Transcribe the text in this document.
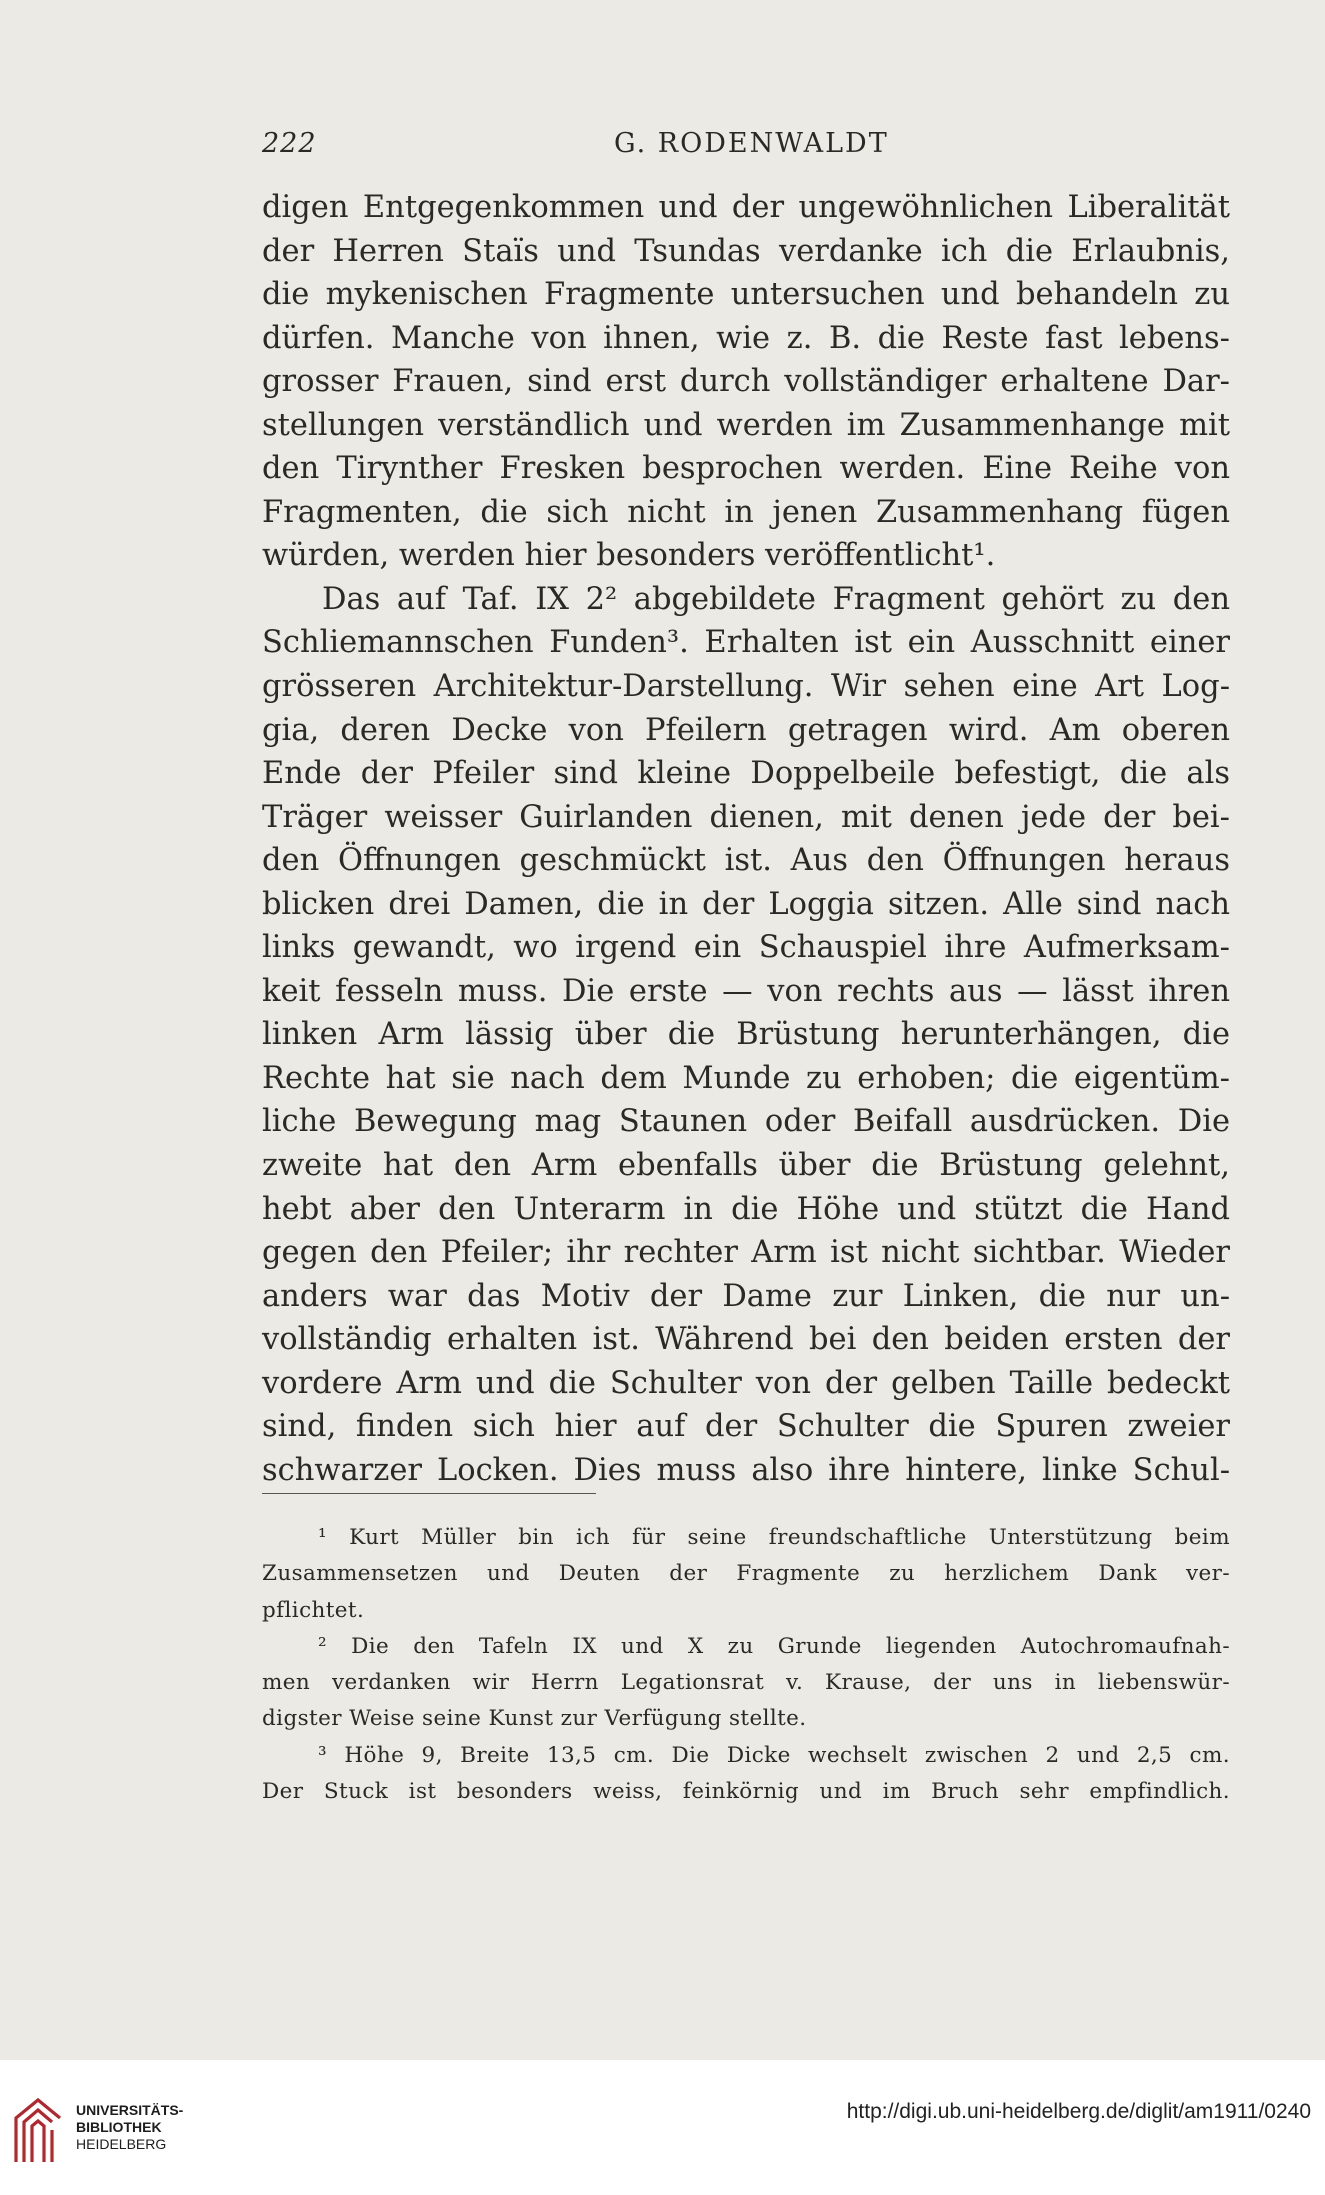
222	G. RODENWALDT
digen Entgegenkommen und der ungewöhnlichen Liberalität
der Herren Staïs und Tsundas verdanke ich die Erlaubnis,
die mykenischen Fragmente untersuchen und behandeln zu
dürfen. Manche von ihnen, wie z. B. die Reste fast lebens-
grosser Frauen, sind erst durch vollständiger erhaltene Dar-
stellungen verständlich und werden im Zusammenhange mit
den Tirynther Fresken besprochen werden. Eine Reihe von
Fragmenten, die sich nicht in jenen Zusammenhang fügen
würden, werden hier besonders veröffentlicht¹.
Das auf Taf. IX 2² abgebildete Fragment gehört zu den
Schliemannschen Funden³. Erhalten ist ein Ausschnitt einer
grösseren Architektur-Darstellung. Wir sehen eine Art Log-
gia, deren Decke von Pfeilern getragen wird. Am oberen
Ende der Pfeiler sind kleine Doppelbeile befestigt, die als
Träger weisser Guirlanden dienen, mit denen jede der bei-
den Öffnungen geschmückt ist. Aus den Öffnungen heraus
blicken drei Damen, die in der Loggia sitzen. Alle sind nach
links gewandt, wo irgend ein Schauspiel ihre Aufmerksam-
keit fesseln muss. Die erste — von rechts aus — lässt ihren
linken Arm lässig über die Brüstung herunterhängen, die
Rechte hat sie nach dem Munde zu erhoben; die eigentüm-
liche Bewegung mag Staunen oder Beifall ausdrücken. Die
zweite hat den Arm ebenfalls über die Brüstung gelehnt,
hebt aber den Unterarm in die Höhe und stützt die Hand
gegen den Pfeiler; ihr rechter Arm ist nicht sichtbar. Wieder
anders war das Motiv der Dame zur Linken, die nur un-
vollständig erhalten ist. Während bei den beiden ersten der
vordere Arm und die Schulter von der gelben Taille bedeckt
sind, finden sich hier auf der Schulter die Spuren zweier
schwarzer Locken. Dies muss also ihre hintere, linke Schul-
¹ Kurt Müller bin ich für seine freundschaftliche Unterstützung beim
Zusammensetzen und Deuten der Fragmente zu herzlichem Dank ver-
pflichtet.
² Die den Tafeln IX und X zu Grunde liegenden Autochromaufnah-
men verdanken wir Herrn Legationsrat v. Krause, der uns in liebenswür-
digster Weise seine Kunst zur Verfügung stellte.
³ Höhe 9, Breite 13,5 cm. Die Dicke wechselt zwischen 2 und 2,5 cm.
Der Stuck ist besonders weiss, feinkörnig und im Bruch sehr empfindlich.
UNIVERSITÄTS-
BIBLIOTHEK
HEIDELBERG
http://digi.ub.uni-heidelberg.de/diglit/am1911/0240
